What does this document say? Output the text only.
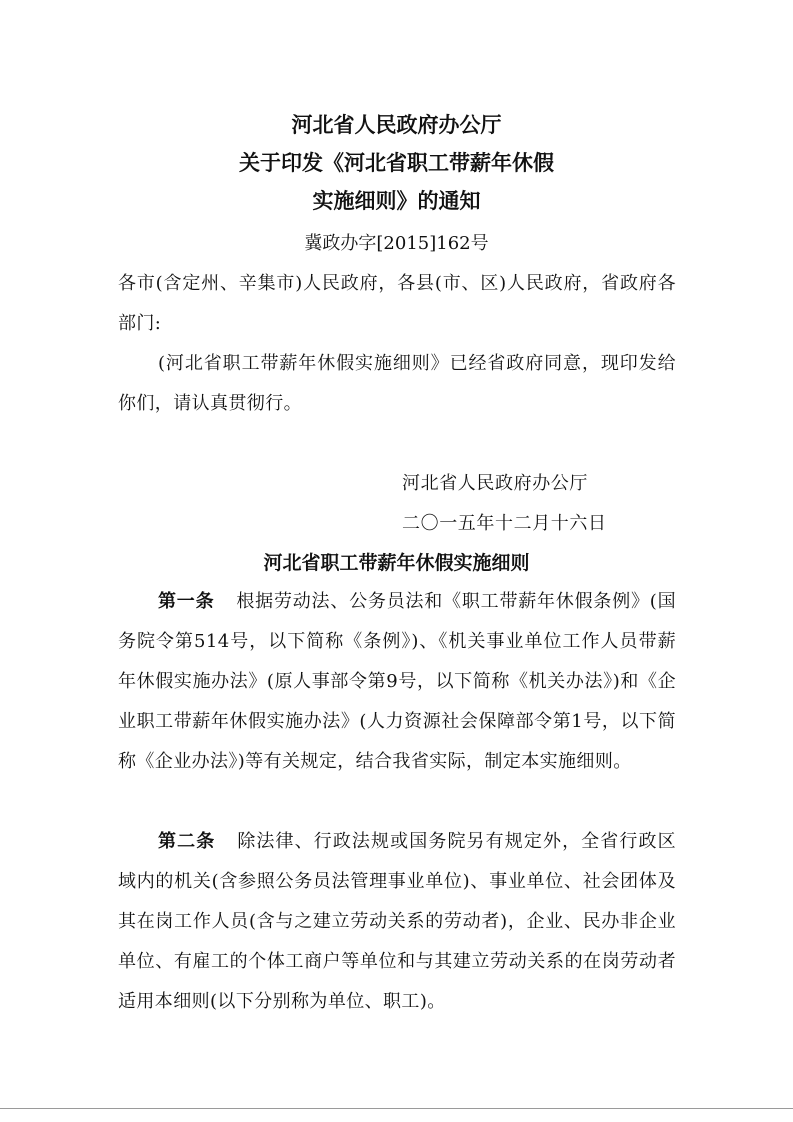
河北省人民政府办公厅
关于印发《河北省职工带薪年休假
实施细则》的通知
冀政办字[2015]162号

各市(含定州、辛集市)人民政府，各县(市、区)人民政府，省政府各部门:

(河北省职工带薪年休假实施细则》已经省政府同意，现印发给你们，请认真贯彻行。

河北省人民政府办公厅
二〇一五年十二月十六日
河北省职工带薪年休假实施细则

第一条 根据劳动法、公务员法和《职工带薪年休假条例》(国务院令第514号，以下简称《条例》)、《机关事业单位工作人员带薪年休假实施办法》(原人事部令第9号，以下简称《机关办法》)和《企业职工带薪年休假实施办法》(人力资源社会保障部令第1号，以下简称《企业办法》)等有关规定，结合我省实际，制定本实施细则。

第二条 除法律、行政法规或国务院另有规定外，全省行政区域内的机关(含参照公务员法管理事业单位)、事业单位、社会团体及其在岗工作人员(含与之建立劳动关系的劳动者)，企业、民办非企业单位、有雇工的个体工商户等单位和与其建立劳动关系的在岗劳动者适用本细则(以下分别称为单位、职工)。
